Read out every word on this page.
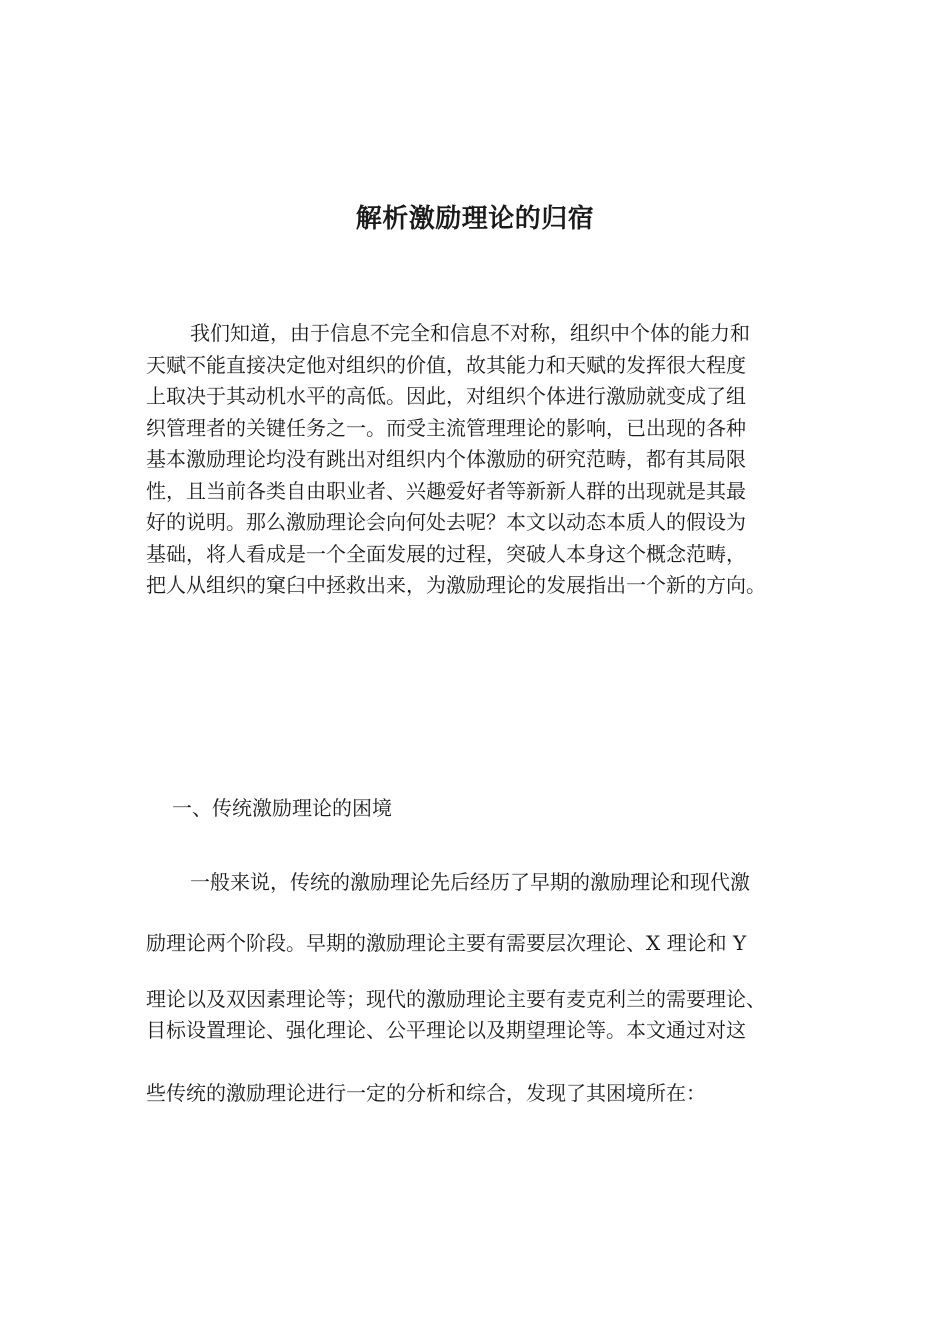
解析激励理论的归宿
我们知道，由于信息不完全和信息不对称，组织中个体的能力和
天赋不能直接决定他对组织的价值，故其能力和天赋的发挥很大程度
上取决于其动机水平的高低。因此，对组织个体进行激励就变成了组
织管理者的关键任务之一。而受主流管理理论的影响，已出现的各种
基本激励理论均没有跳出对组织内个体激励的研究范畴，都有其局限
性，且当前各类自由职业者、兴趣爱好者等新新人群的出现就是其最
好的说明。那么激励理论会向何处去呢？本文以动态本质人的假设为
基础，将人看成是一个全面发展的过程，突破人本身这个概念范畴，
把人从组织的窠臼中拯救出来，为激励理论的发展指出一个新的方向。
一、传统激励理论的困境
一般来说，传统的激励理论先后经历了早期的激励理论和现代激
励理论两个阶段。早期的激励理论主要有需要层次理论、X 理论和 Y
理论以及双因素理论等；现代的激励理论主要有麦克利兰的需要理论、
目标设置理论、强化理论、公平理论以及期望理论等。本文通过对这
些传统的激励理论进行一定的分析和综合，发现了其困境所在：
